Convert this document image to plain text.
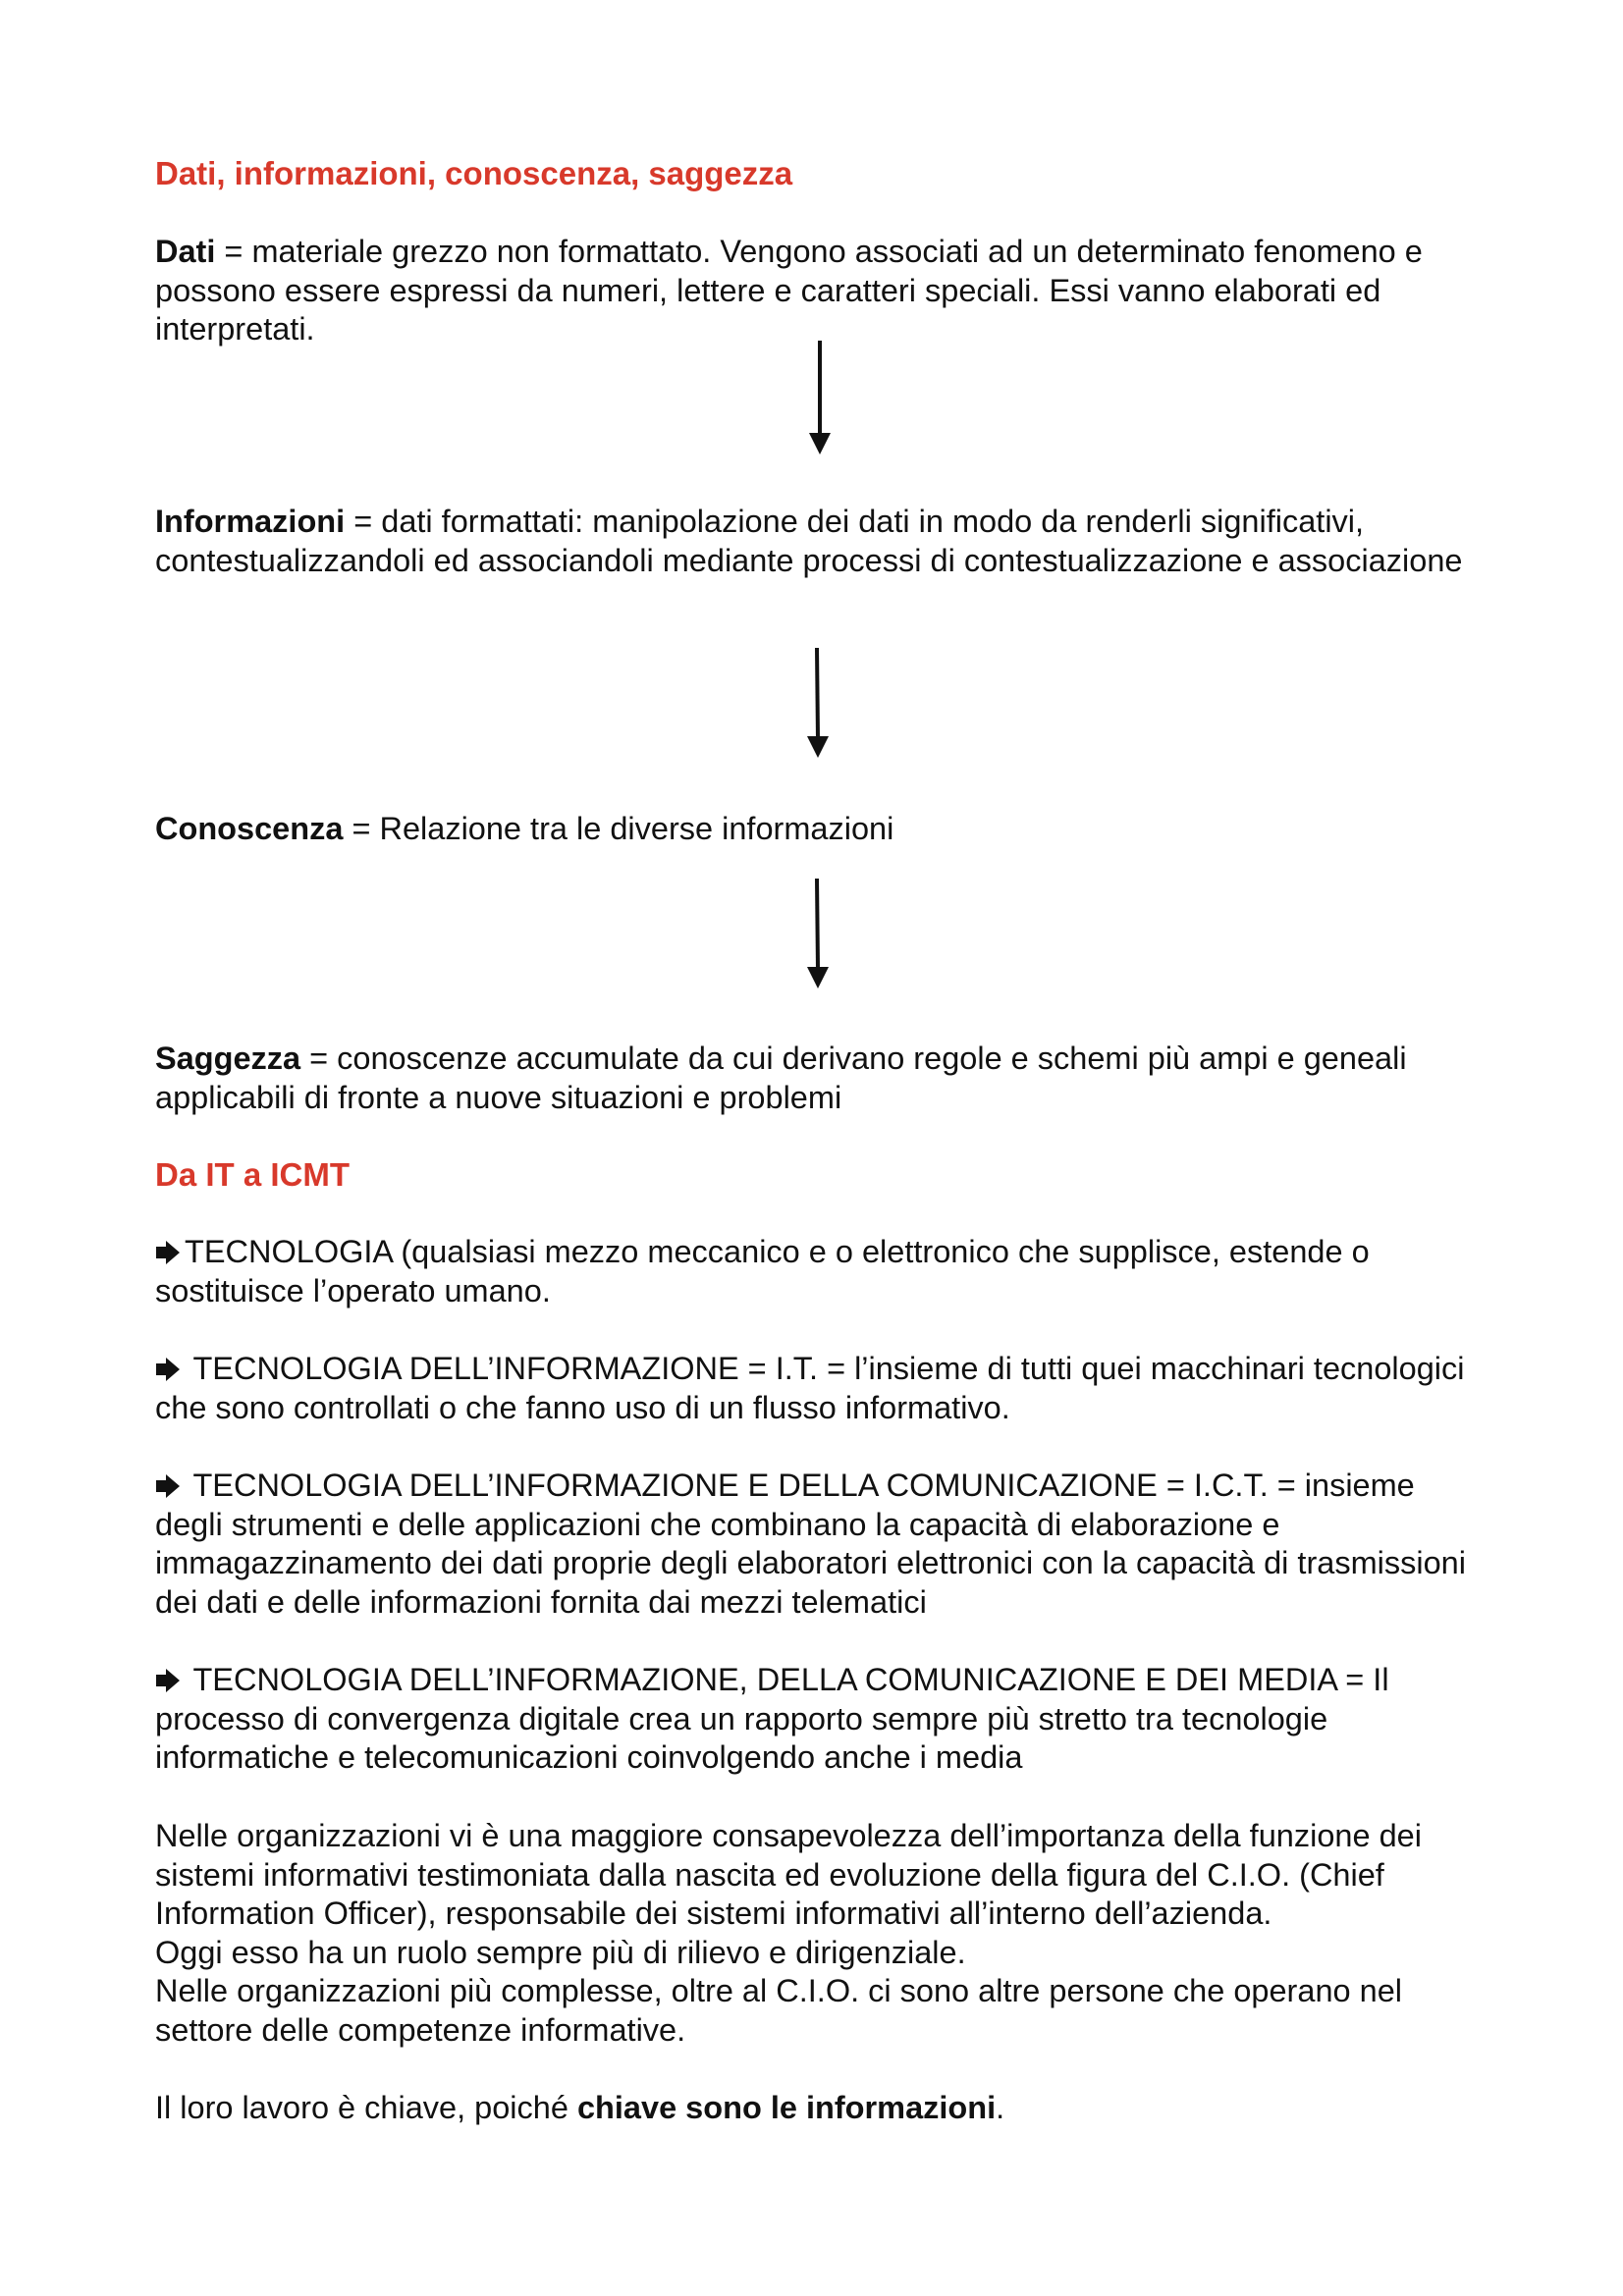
Dati, informazioni, conoscenza, saggezza

Dati = materiale grezzo non formattato. Vengono associati ad un determinato fenomeno e possono essere espressi da numeri, lettere e caratteri speciali. Essi vanno elaborati ed interpretati.

Informazioni = dati formattati: manipolazione dei dati in modo da renderli significativi, contestualizzandoli ed associandoli mediante processi di contestualizzazione e associazione

Conoscenza = Relazione tra le diverse informazioni

Saggezza = conoscenze accumulate da cui derivano regole e schemi più ampi e geneali applicabili di fronte a nuove situazioni e problemi

Da IT a ICMT

TECNOLOGIA (qualsiasi mezzo meccanico e o elettronico che supplisce, estende o sostituisce l’operato umano.

TECNOLOGIA DELL’INFORMAZIONE = I.T. = l’insieme di tutti quei macchinari tecnologici che sono controllati o che fanno uso di un flusso informativo.

TECNOLOGIA DELL’INFORMAZIONE E DELLA COMUNICAZIONE = I.C.T. = insieme degli strumenti e delle applicazioni che combinano la capacità di elaborazione e immagazzinamento dei dati proprie degli elaboratori elettronici con la capacità di trasmissioni dei dati e delle informazioni fornita dai mezzi telematici

TECNOLOGIA DELL’INFORMAZIONE, DELLA COMUNICAZIONE E DEI MEDIA = Il processo di convergenza digitale crea un rapporto sempre più stretto tra tecnologie informatiche e telecomunicazioni coinvolgendo anche i media

Nelle organizzazioni vi è una maggiore consapevolezza dell’importanza della funzione dei sistemi informativi testimoniata dalla nascita ed evoluzione della figura del C.I.O. (Chief Information Officer), responsabile dei sistemi informativi all’interno dell’azienda.
Oggi esso ha un ruolo sempre più di rilievo e dirigenziale.
Nelle organizzazioni più complesse, oltre al C.I.O. ci sono altre persone che operano nel settore delle competenze informative.

Il loro lavoro è chiave, poiché chiave sono le informazioni.
